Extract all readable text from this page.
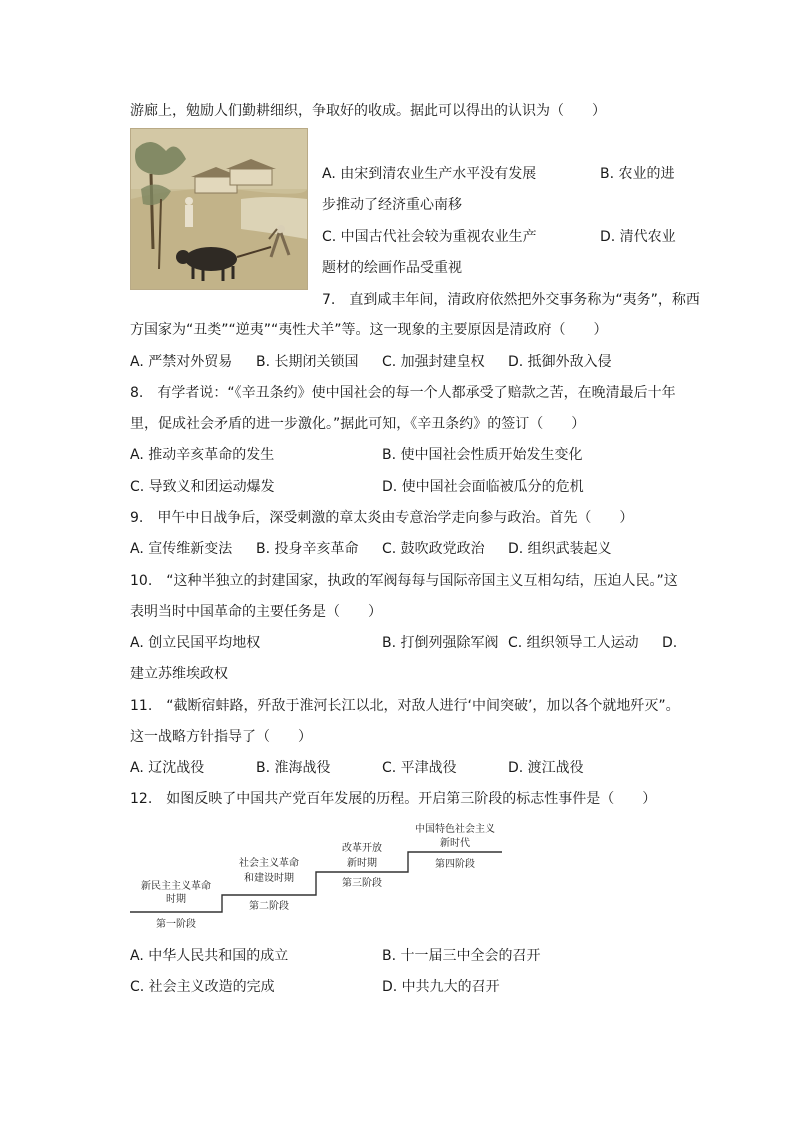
游廊上，勉励人们勤耕细织，争取好的收成。据此可以得出的认识为（　　）
A. 由宋到清农业生产水平没有发展	B. 农业的进
步推动了经济重心南移
C. 中国古代社会较为重视农业生产	D. 清代农业
题材的绘画作品受重视
7.　直到咸丰年间，清政府依然把外交事务称为“夷务”，称西
方国家为“丑类”“逆夷”“夷性犬羊”等。这一现象的主要原因是清政府（　　）
A. 严禁对外贸易 B. 长期闭关锁国 C. 加强封建皇权 D. 抵御外敌入侵
8.　有学者说：“《辛丑条约》使中国社会的每一个人都承受了赔款之苦，在晚清最后十年
里，促成社会矛盾的进一步激化。”据此可知，《辛丑条约》的签订（　　）
A. 推动辛亥革命的发生	B. 使中国社会性质开始发生变化
C. 导致义和团运动爆发	D. 使中国社会面临被瓜分的危机
9.　甲午中日战争后，深受刺激的章太炎由专意治学走向参与政治。首先（　　）
A. 宣传维新变法 B. 投身辛亥革命 C. 鼓吹政党政治 D. 组织武装起义
10.　“这种半独立的封建国家，执政的军阀每每与国际帝国主义互相勾结，压迫人民。”这
表明当时中国革命的主要任务是（　　）
A. 创立民国平均地权	B. 打倒列强除军阀 C. 组织领导工人运动 D.
建立苏维埃政权
11.　“截断宿蚌路，歼敌于淮河长江以北，对敌人进行‘中间突破’，加以各个就地歼灭”。
这一战略方针指导了（　　）
A. 辽沈战役	B. 淮海战役	C. 平津战役	D. 渡江战役
12.　如图反映了中国共产党百年发展的历程。开启第三阶段的标志性事件是（　　）
新民主主义革命
时期
第一阶段
社会主义革命
和建设时期
第二阶段
改革开放
新时期
第三阶段
中国特色社会主义
新时代
第四阶段
A. 中华人民共和国的成立	B. 十一届三中全会的召开
C. 社会主义改造的完成	D. 中共九大的召开
